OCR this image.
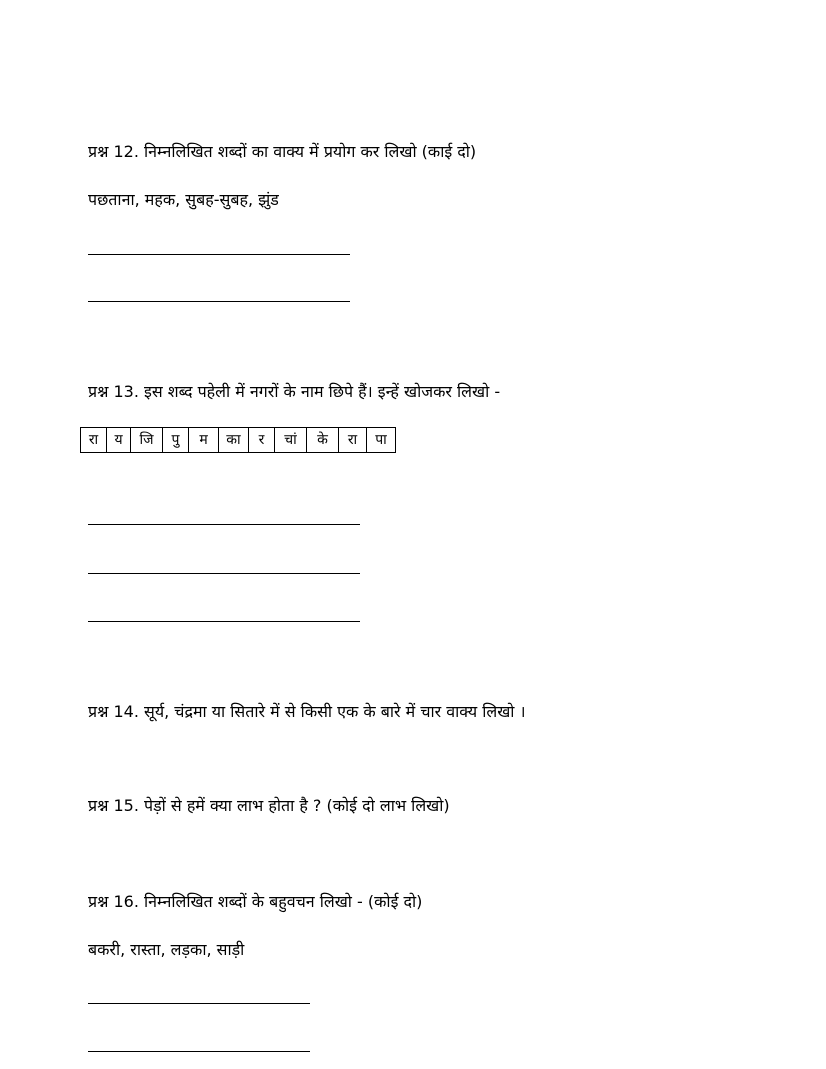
प्रश्न 12. निम्नलिखित शब्दों का वाक्य में प्रयोग कर लिखो (काई दो)
पछताना, महक, सुबह-सुबह, झुंड
प्रश्न 13. इस शब्द पहेली में नगरों के नाम छिपे हैं। इन्हें खोजकर लिखो -
रा	य	जि	पु	म	का	र	चां	के	रा	पा
प्रश्न 14. सूर्य, चंद्रमा या सितारे में से किसी एक के बारे में चार वाक्य लिखो ।
प्रश्न 15. पेड़ों से हमें क्या लाभ होता है ? (कोई दो लाभ लिखो)
प्रश्न 16. निम्नलिखित शब्दों के बहुवचन लिखो - (कोई दो)
बकरी, रास्ता, लड़का, साड़ी
